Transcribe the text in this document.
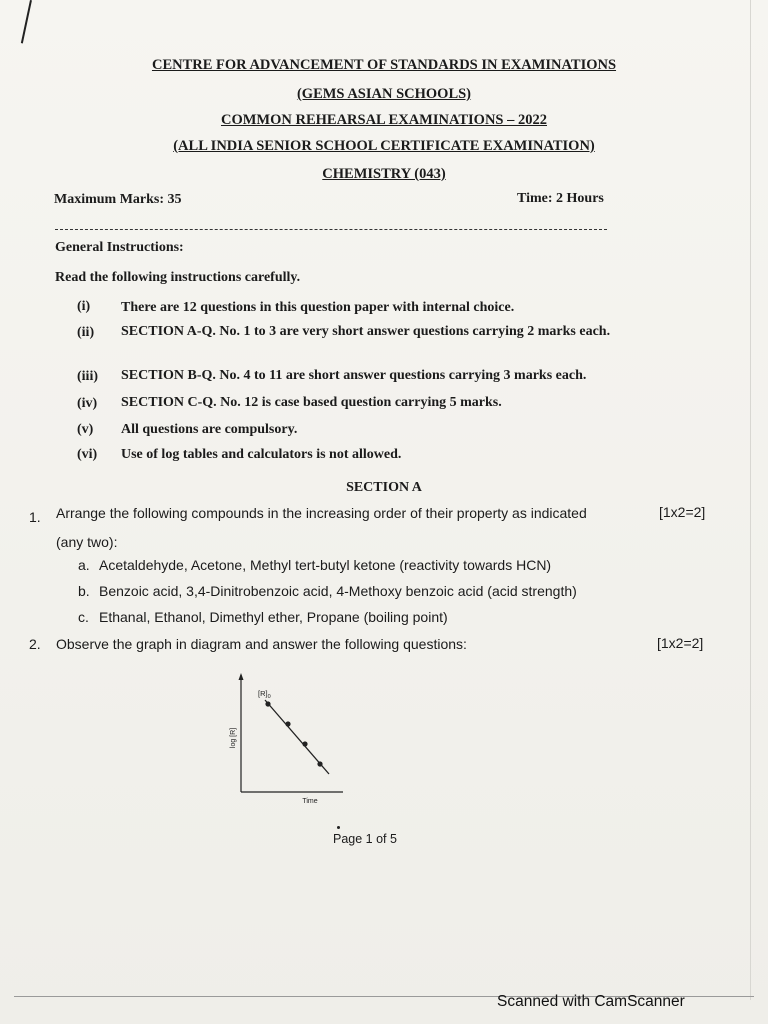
CENTRE FOR ADVANCEMENT OF STANDARDS IN EXAMINATIONS
(GEMS ASIAN SCHOOLS)
COMMON REHEARSAL EXAMINATIONS – 2022
(ALL INDIA SENIOR SCHOOL CERTIFICATE EXAMINATION)
CHEMISTRY (043)
Maximum Marks: 35	Time: 2 Hours
General Instructions:
Read the following instructions carefully.
(i) There are 12 questions in this question paper with internal choice.
(ii) SECTION A-Q. No. 1 to 3 are very short answer questions carrying 2 marks each.
(iii) SECTION B-Q. No. 4 to 11 are short answer questions carrying 3 marks each.
(iv) SECTION C-Q. No. 12 is case based question carrying 5 marks.
(v) All questions are compulsory.
(vi) Use of log tables and calculators is not allowed.
SECTION A
1. Arrange the following compounds in the increasing order of their property as indicated	[1x2=2]
(any two):
a. Acetaldehyde, Acetone, Methyl tert-butyl ketone (reactivity towards HCN)
b. Benzoic acid, 3,4-Dinitrobenzoic acid, 4-Methoxy benzoic acid (acid strength)
c. Ethanal, Ethanol, Dimethyl ether, Propane (boiling point)
2. Observe the graph in diagram and answer the following questions:	[1x2=2]
$[R]_0$
log [R]
Time
Page 1 of 5
Scanned with CamScanner
